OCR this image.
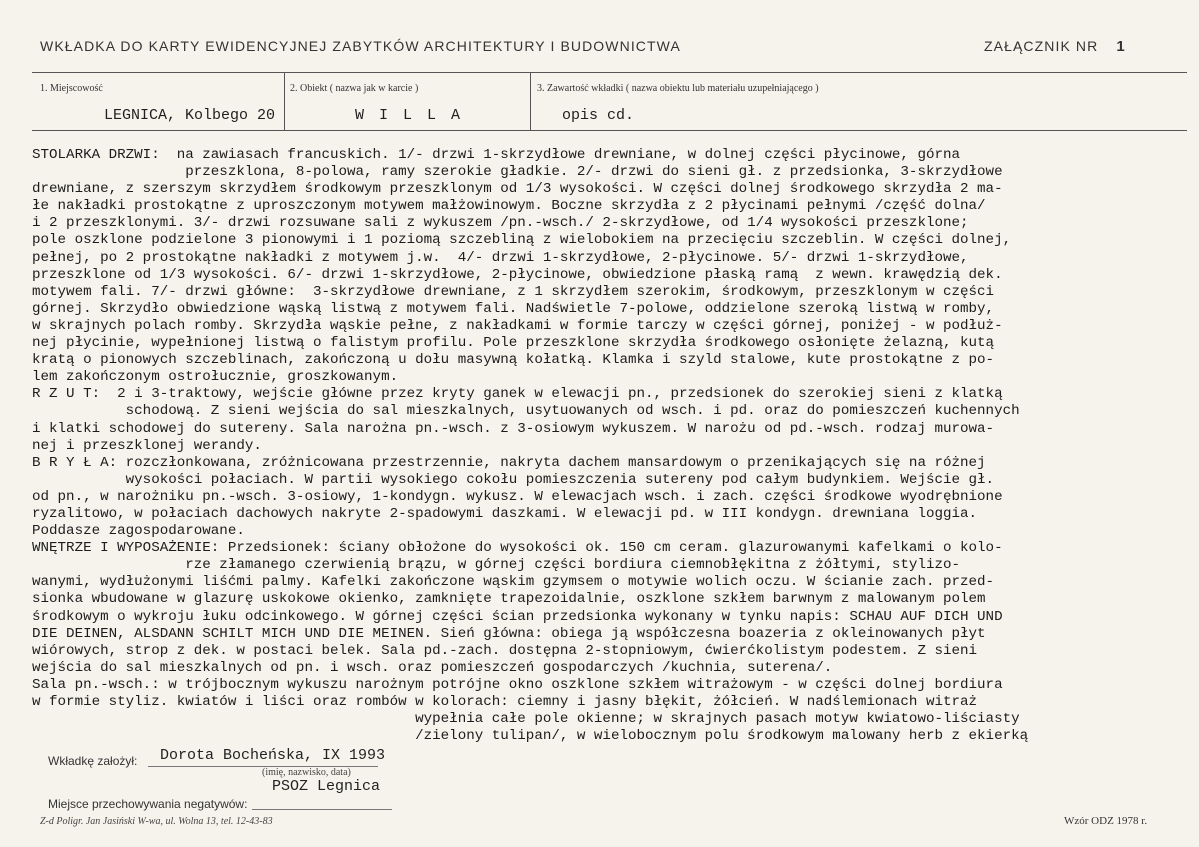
WKŁADKA DO KARTY EWIDENCYJNEJ ZABYTKÓW ARCHITEKTURY I BUDOWNICTWA	ZAŁĄCZNIK NR 1
1. Miejscowość	2. Obiekt ( nazwa jak w karcie )	3. Zawartość wkładki ( nazwa obiektu lub materiału uzupełniającego )
LEGNICA, Kolbego 20	W I L L A	opis cd.
STOLARKA DRZWI:  na zawiasach francuskich. 1/- drzwi 1-skrzydłowe drewniane, w dolnej części płycinowe, górna
przeszklona, 8-polowa, ramy szerokie gładkie. 2/- drzwi do sieni gł. z przedsionka, 3-skrzydłowe
drewniane, z szerszym skrzydłem środkowym przeszklonym od 1/3 wysokości. W części dolnej środkowego skrzydła 2 ma-
łe nakładki prostokątne z uproszczonym motywem małżowinowym. Boczne skrzydła z 2 płycinami pełnymi /część dolna/
i 2 przeszklonymi. 3/- drzwi rozsuwane sali z wykuszem /pn.-wsch./ 2-skrzydłowe, od 1/4 wysokości przeszklone;
pole oszklone podzielone 3 pionowymi i 1 poziomą szczebliną z wielobokiem na przecięciu szczeblin. W części dolnej,
pełnej, po 2 prostokątne nakładki z motywem j.w.  4/- drzwi 1-skrzydłowe, 2-płycinowe. 5/- drzwi 1-skrzydłowe,
przeszklone od 1/3 wysokości. 6/- drzwi 1-skrzydłowe, 2-płycinowe, obwiedzione płaską ramą  z wewn. krawędzią dek.
motywem fali. 7/- drzwi główne:  3-skrzydłowe drewniane, z 1 skrzydłem szerokim, środkowym, przeszklonym w części
górnej. Skrzydło obwiedzione wąską listwą z motywem fali. Nadświetle 7-polowe, oddzielone szeroką listwą w romby,
w skrajnych polach romby. Skrzydła wąskie pełne, z nakładkami w formie tarczy w części górnej, poniżej - w podłuż-
nej płycinie, wypełnionej listwą o falistym profilu. Pole przeszklone skrzydła środkowego osłonięte żelazną, kutą
kratą o pionowych szczeblinach, zakończoną u dołu masywną kołatką. Klamka i szyld stalowe, kute prostokątne z po-
lem zakończonym ostrołucznie, groszkowanym.
R Z U T:  2 i 3-traktowy, wejście główne przez kryty ganek w elewacji pn., przedsionek do szerokiej sieni z klatką
schodową. Z sieni wejścia do sal mieszkalnych, usytuowanych od wsch. i pd. oraz do pomieszczeń kuchennych
i klatki schodowej do sutereny. Sala narożna pn.-wsch. z 3-osiowym wykuszem. W narożu od pd.-wsch. rodzaj murowa-
nej i przeszklonej werandy.
B R Y Ł A: rozczłonkowana, zróżnicowana przestrzennie, nakryta dachem mansardowym o przenikających się na różnej
wysokości połaciach. W partii wysokiego cokołu pomieszczenia sutereny pod całym budynkiem. Wejście gł.
od pn., w narożniku pn.-wsch. 3-osiowy, 1-kondygn. wykusz. W elewacjach wsch. i zach. części środkowe wyodrębnione
ryzalitowo, w połaciach dachowych nakryte 2-spadowymi daszkami. W elewacji pd. w III kondygn. drewniana loggia.
Poddasze zagospodarowane.
WNĘTRZE I WYPOSAŻENIE: Przedsionek: ściany obłożone do wysokości ok. 150 cm ceram. glazurowanymi kafelkami o kolo-
rze złamanego czerwienią brązu, w górnej części bordiura ciemnobłękitna z żółtymi, stylizo-
wanymi, wydłużonymi liśćmi palmy. Kafelki zakończone wąskim gzymsem o motywie wolich oczu. W ścianie zach. przed-
sionka wbudowane w glazurę uskokowe okienko, zamknięte trapezoidalnie, oszklone szkłem barwnym z malowanym polem
środkowym o wykroju łuku odcinkowego. W górnej części ścian przedsionka wykonany w tynku napis: SCHAU AUF DICH UND
DIE DEINEN, ALSDANN SCHILT MICH UND DIE MEINEN. Sień główna: obiega ją współczesna boazeria z okleinowanych płyt
wiórowych, strop z dek. w postaci belek. Sala pd.-zach. dostępna 2-stopniowym, ćwierćkolistym podestem. Z sieni
wejścia do sal mieszkalnych od pn. i wsch. oraz pomieszczeń gospodarczych /kuchnia, suterena/.
Sala pn.-wsch.: w trójbocznym wykuszu narożnym potrójne okno oszklone szkłem witrażowym - w części dolnej bordiura
w formie styliz. kwiatów i liści oraz rombów w kolorach: ciemny i jasny błękit, żółcień. W nadślemionach witraż
wypełnia całe pole okienne; w skrajnych pasach motyw kwiatowo-liściasty
/zielony tulipan/, w wielobocznym polu środkowym malowany herb z ekierką
Wkładkę założył: Dorota Bocheńska, IX 1993
(imię, nazwisko, data)
PSOZ Legnica
Miejsce przechowywania negatywów:
Z-d Poligr. Jan Jasiński W-wa, ul. Wolna 13, tel. 12-43-83	Wzór ODZ 1978 r.
